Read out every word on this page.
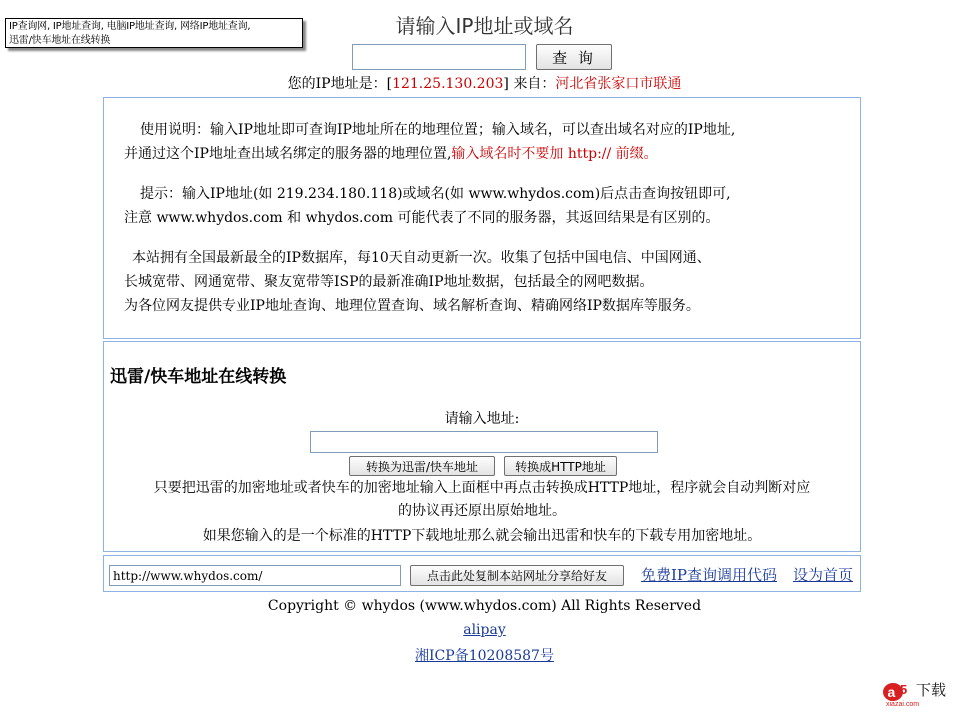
IP查询网, IP地址查询, 电脑IP地址查询, 网络IP地址查询,
迅雷/快车地址在线转换
请输入IP地址或域名
查 询
您的IP地址是：[121.25.130.203] 来自：河北省张家口市联通

使用说明：输入IP地址即可查询IP地址所在的地理位置；输入域名，可以查出域名对应的IP地址,

并通过这个IP地址查出域名绑定的服务器的地理位置,输入域名时不要加 http:// 前缀。

提示：输入IP地址(如 219.234.180.118)或域名(如 www.whydos.com)后点击查询按钮即可,

注意 www.whydos.com 和 whydos.com 可能代表了不同的服务器，其返回结果是有区别的。

本站拥有全国最新最全的IP数据库，每10天自动更新一次。收集了包括中国电信、中国网通、

长城宽带、网通宽带、聚友宽带等ISP的最新准确IP地址数据，包括最全的网吧数据。

为各位网友提供专业IP地址查询、地理位置查询、域名解析查询、精确网络IP数据库等服务。

迅雷/快车地址在线转换
请输入地址:
转换为迅雷/快车地址	转换成HTTP地址
只要把迅雷的加密地址或者快车的加密地址输入上面框中再点击转换成HTTP地址，程序就会自动判断对应
的协议再还原出原始地址。
如果您输入的是一个标准的HTTP下载地址那么就会输出迅雷和快车的下载专用加密地址。
http://www.whydos.com/
点击此处复制本站网址分享给好友	免费IP查询调用代码 设为首页
Copyright © whydos (www.whydos.com) All Rights Reserved
alipay
湘ICP备10208587号
a 5 下载
xiazai.com
